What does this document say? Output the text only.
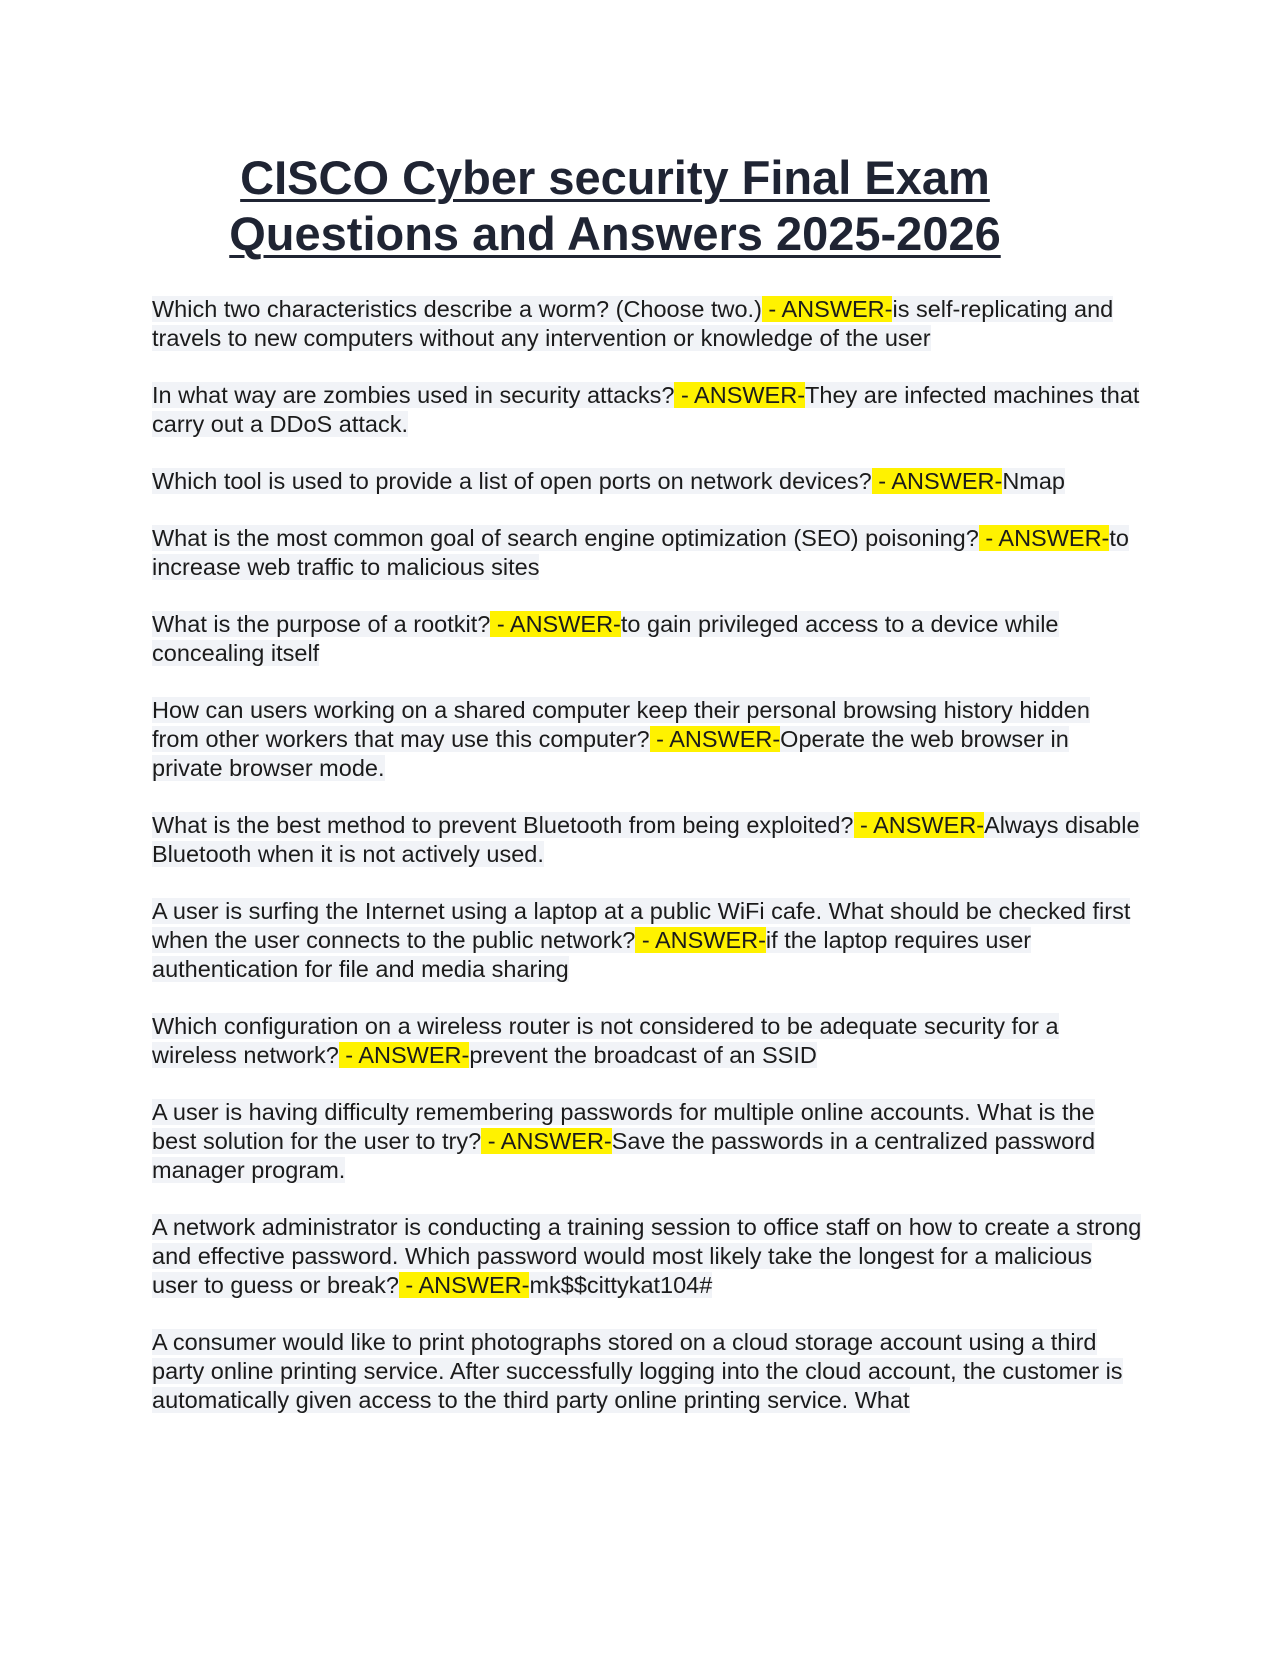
CISCO Cyber security Final Exam Questions and Answers 2025-2026

Which two characteristics describe a worm? (Choose two.) - ANSWER-is self-replicating and travels to new computers without any intervention or knowledge of the user

In what way are zombies used in security attacks? - ANSWER-They are infected machines that carry out a DDoS attack.

Which tool is used to provide a list of open ports on network devices? - ANSWER-Nmap

What is the most common goal of search engine optimization (SEO) poisoning? - ANSWER-to increase web traffic to malicious sites

What is the purpose of a rootkit? - ANSWER-to gain privileged access to a device while concealing itself

How can users working on a shared computer keep their personal browsing history hidden from other workers that may use this computer? - ANSWER-Operate the web browser in private browser mode.

What is the best method to prevent Bluetooth from being exploited? - ANSWER-Always disable Bluetooth when it is not actively used.

A user is surfing the Internet using a laptop at a public WiFi cafe. What should be checked first when the user connects to the public network? - ANSWER-if the laptop requires user authentication for file and media sharing

Which configuration on a wireless router is not considered to be adequate security for a wireless network? - ANSWER-prevent the broadcast of an SSID

A user is having difficulty remembering passwords for multiple online accounts. What is the best solution for the user to try? - ANSWER-Save the passwords in a centralized password manager program.

A network administrator is conducting a training session to office staff on how to create a strong and effective password. Which password would most likely take the longest for a malicious user to guess or break? - ANSWER-mk$$cittykat104#

A consumer would like to print photographs stored on a cloud storage account using a third party online printing service. After successfully logging into the cloud account, the customer is automatically given access to the third party online printing service. What
